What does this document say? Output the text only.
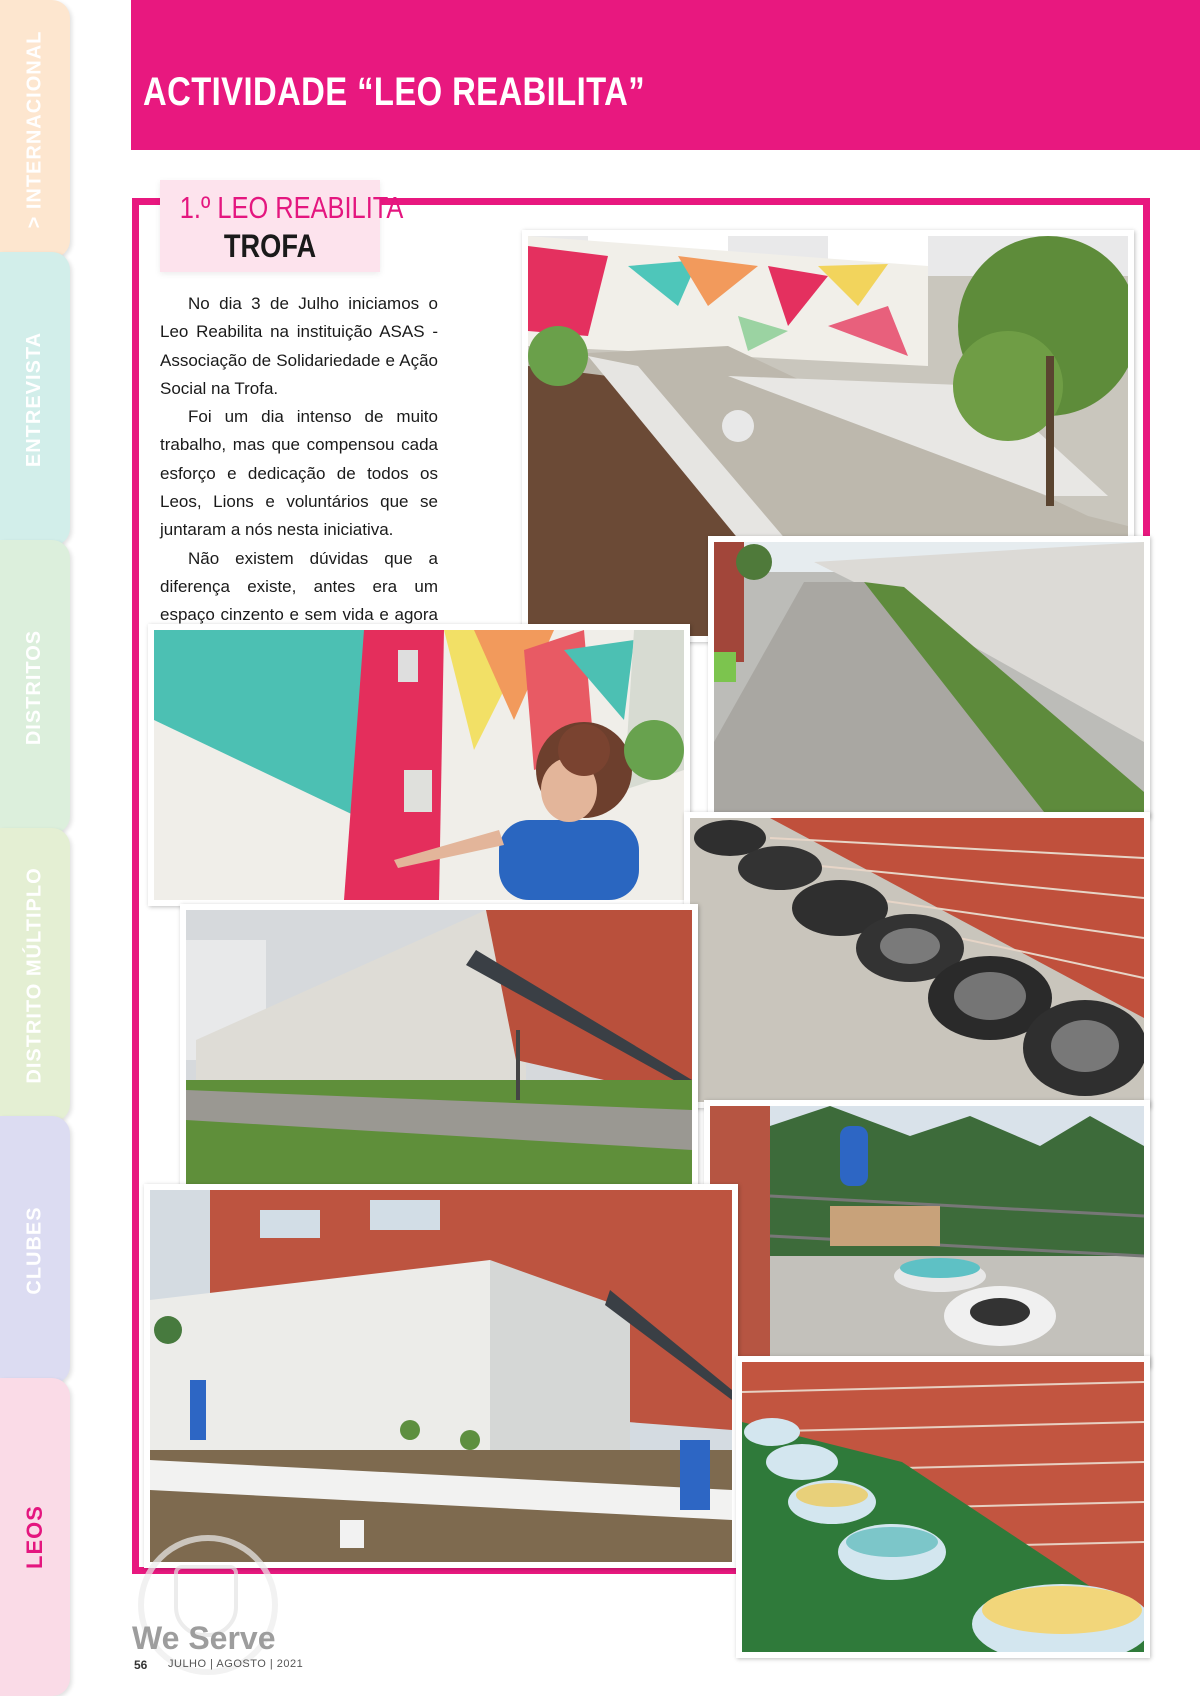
> INTERNACIONAL
ENTREVISTA
DISTRITOS
DISTRITO MÚLTIPLO
CLUBES
LEOS
ACTIVIDADE “LEO REABILITA”
1.º LEO REABILITA
TROFA

No dia 3 de Julho iniciamos o Leo Reabilita na instituição ASAS - Associação de Solidariedade e Ação Social na Trofa.

Foi um dia intenso de muito trabalho, mas que compensou cada esforço e dedicação de todos os Leos, Lions e voluntários que se juntaram a nós nesta iniciativa.

Não existem dúvidas que a diferença existe, antes era um espaço cinzento e sem vida e agora

We Serve
56 JULHO | AGOSTO | 2021
